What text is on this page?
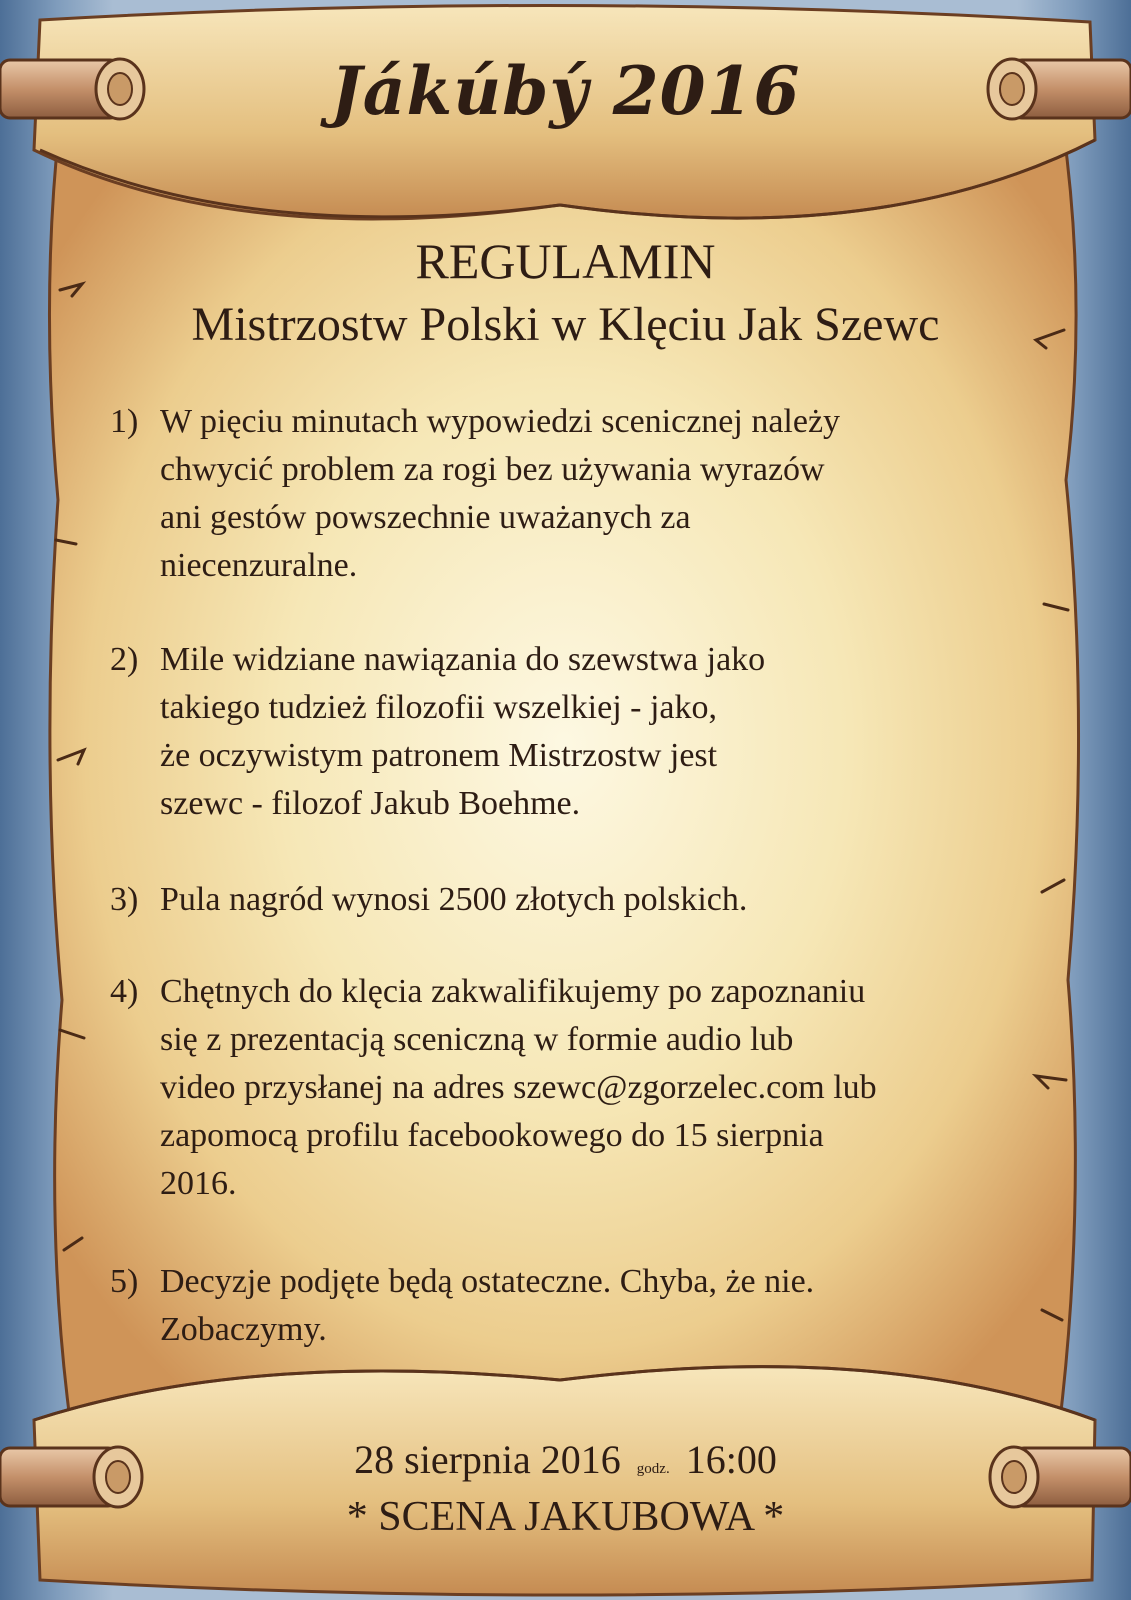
Jákúbý 2016
REGULAMIN
Mistrzostw Polski w Klęciu Jak Szewc
1) W pięciu minutach wypowiedzi scenicznej należy
chwycić problem za rogi bez używania wyrazów
ani gestów powszechnie uważanych za
niecenzuralne.
2) Mile widziane nawiązania do szewstwa jako
takiego tudzież filozofii wszelkiej - jako,
że oczywistym patronem Mistrzostw jest
szewc - filozof Jakub Boehme.
3) Pula nagród wynosi 2500 złotych polskich.
4) Chętnych do klęcia zakwalifikujemy po zapoznaniu
się z prezentacją sceniczną w formie audio lub
video przysłanej na adres szewc@zgorzelec.com lub
zapomocą profilu facebookowego do 15 sierpnia
2016.
5) Decyzje podjęte będą ostateczne. Chyba, że nie.
Zobaczymy.
28 sierpnia 2016 godz. 16:00
* SCENA JAKUBOWA *
